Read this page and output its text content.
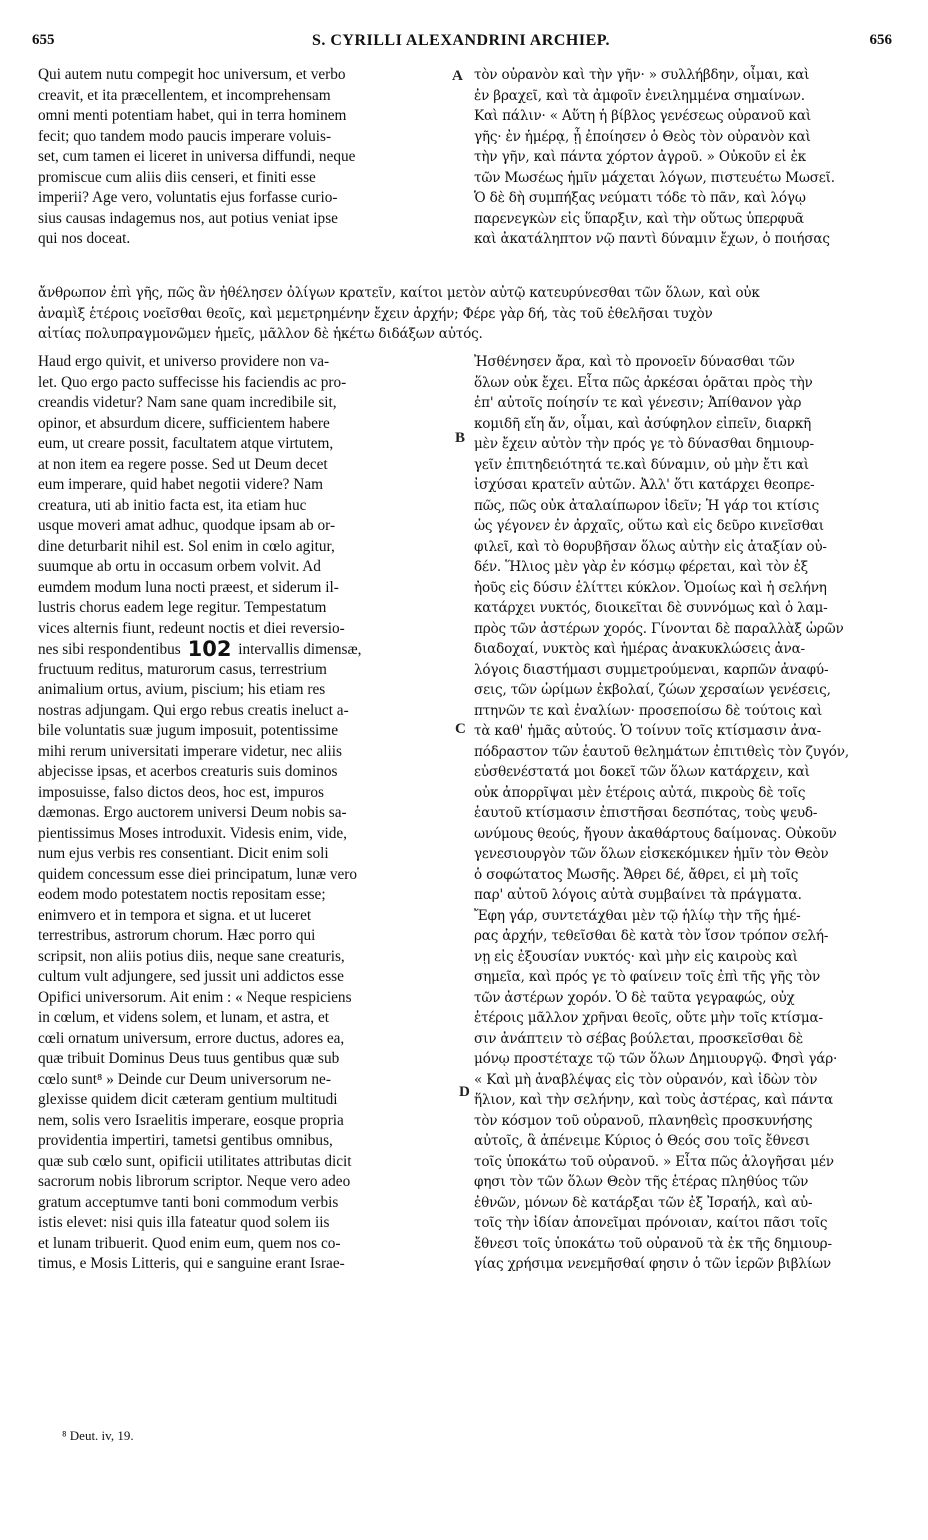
655	S. CYRILLI ALEXANDRINI ARCHIEP.	656
Qui autem nutu compegit hoc universum, et verbo
creavit, et ita præcellentem, et incomprehensam
omni menti potentiam habet, qui in terra hominem
fecit; quo tandem modo paucis imperare voluis-
set, cum tamen ei liceret in universa diffundi, neque
promiscue cum aliis diis censeri, et finiti esse
imperii? Age vero, voluntatis ejus forfasse curio-
sius causas indagemus nos, aut potius veniat ipse
qui nos doceat.
τὸν οὐρανὸν καὶ τὴν γῆν· » συλλήβδην, οἶμαι, καὶ
ἐν βραχεῖ, καὶ τὰ ἀμφοῖν ἐνειλημμένα σημαίνων.
Καὶ πάλιν· « Αὕτη ἡ βίβλος γενέσεως οὐρανοῦ καὶ
γῆς· ἐν ἡμέρᾳ, ᾗ ἐποίησεν ὁ Θεὸς τὸν οὐρανὸν καὶ
τὴν γῆν, καὶ πάντα χόρτον ἀγροῦ. » Οὐκοῦν εἰ ἐκ
τῶν Μωσέως ἡμῖν μάχεται λόγων, πιστευέτω Μωσεῖ.
Ὁ δὲ δὴ συμπήξας νεύματι τόδε τὸ πᾶν, καὶ λόγῳ
παρενεγκὼν εἰς ὕπαρξιν, καὶ τὴν οὕτως ὑπερφυᾶ
καὶ ἀκατάληπτον νῷ παντὶ δύναμιν ἔχων, ὁ ποιήσας
ἄνθρωπον ἐπὶ γῆς, πῶς ἂν ἠθέλησεν ὀλίγων κρατεῖν, καίτοι μετὸν αὐτῷ κατευρύνεσθαι τῶν ὅλων, καὶ οὐκ
ἀναμὶξ ἑτέροις νοεῖσθαι θεοῖς, καὶ μεμετρημένην ἔχειν ἀρχήν; Φέρε γὰρ δή, τὰς τοῦ ἐθελῆσαι τυχὸν
αἰτίας πολυπραγμονῶμεν ἡμεῖς, μᾶλλον δὲ ἡκέτω διδάξων αὐτός.
Haud ergo quivit, et universo providere non va-
let. Quo ergo pacto suffecisse his faciendis ac pro-
creandis videtur? Nam sane quam incredibile sit,
opinor, et absurdum dicere, sufficientem habere
eum, ut creare possit, facultatem atque virtutem,
at non item ea regere posse. Sed ut Deum decet
eum imperare, quid habet negotii videre? Nam
creatura, uti ab initio facta est, ita etiam huc
usque moveri amat adhuc, quodque ipsam ab or-
dine deturbarit nihil est. Sol enim in cœlo agitur,
suumque ab ortu in occasum orbem volvit. Ad
eumdem modum luna nocti præest, et siderum il-
lustris chorus eadem lege regitur. Tempestatum
vices alternis fiunt, redeunt noctis et diei reversio-
nes sibi respondentibus 102 intervallis dimensæ,
fructuum reditus, maturorum casus, terrestrium
animalium ortus, avium, piscium; his etiam res
nostras adjungam. Qui ergo rebus creatis ineluct a-
bile voluntatis suæ jugum imposuit, potentissime
mihi rerum universitati imperare videtur, nec aliis
abjecisse ipsas, et acerbos creaturis suis dominos
imposuisse, falso dictos deos, hoc est, impuros
dæmonas. Ergo auctorem universi Deum nobis sa-
pientissimus Moses introduxit. Videsis enim, vide,
num ejus verbis res consentiant. Dicit enim soli
quidem concessum esse diei principatum, lunæ vero
eodem modo potestatem noctis repositam esse;
enimvero et in tempora et signa. et ut luceret
terrestribus, astrorum chorum. Hæc porro qui
scripsit, non aliis potius diis, neque sane creaturis,
cultum vult adjungere, sed jussit uni addictos esse
Opifici universorum. Ait enim : « Neque respiciens
in cœlum, et videns solem, et lunam, et astra, et
cœli ornatum universum, errore ductus, adores ea,
quæ tribuit Dominus Deus tuus gentibus quæ sub
cœlo sunt⁸ » Deinde cur Deum universorum ne-
glexisse quidem dicit cæteram gentium multitudi
nem, solis vero Israelitis imperare, eosque propria
providentia impertiri, tametsi gentibus omnibus,
quæ sub cœlo sunt, opificii utilitates attributas dicit
sacrorum nobis librorum scriptor. Neque vero adeo
gratum acceptumve tanti boni commodum verbis
istis elevet: nisi quis illa fateatur quod solem iis
et lunam tribuerit. Quod enim eum, quem nos co-
timus, e Mosis Litteris, qui e sanguine erant Israe-
Ἠσθένησεν ἄρα, καὶ τὸ προνοεῖν δύνασθαι τῶν
ὅλων οὐκ ἔχει. Εἶτα πῶς ἀρκέσαι ὁρᾶται πρὸς τὴν
ἐπ' αὐτοῖς ποίησίν τε καὶ γένεσιν; Ἀπίθανον γὰρ
κομιδῆ εἴη ἄν, οἶμαι, καὶ ἀσύφηλον εἰπεῖν, διαρκῆ
μὲν ἔχειν αὐτὸν τὴν πρός γε τὸ δύνασθαι δημιουρ-
γεῖν ἐπιτηδειότητά τε.καὶ δύναμιν, οὐ μὴν ἔτι καὶ
ἰσχύσαι κρατεῖν αὐτῶν. Ἀλλ' ὅτι κατάρχει θεοπρε-
πῶς, πῶς οὐκ ἀταλαίπωρον ἰδεῖν; Ἡ γάρ τοι κτίσις
ὡς γέγονεν ἐν ἀρχαῖς, οὕτω καὶ εἰς δεῦρο κινεῖσθαι
φιλεῖ, καὶ τὸ θορυβῆσαν ὅλως αὐτὴν εἰς ἀταξίαν οὐ-
δέν. Ἥλιος μὲν γὰρ ἐν κόσμῳ φέρεται, καὶ τὸν ἐξ
ἠοῦς εἰς δύσιν ἑλίττει κύκλον. Ὁμοίως καὶ ἡ σελήνη
κατάρχει νυκτός, διοικεῖται δὲ συννόμως καὶ ὁ λαμ-
πρὸς τῶν ἀστέρων χορός. Γίνονται δὲ παραλλὰξ ὡρῶν
διαδοχαί, νυκτὸς καὶ ἡμέρας ἀνακυκλώσεις ἀνα-
λόγοις διαστήμασι συμμετρούμεναι, καρπῶν ἀναφύ-
σεις, τῶν ὡρίμων ἐκβολαί, ζώων χερσαίων γενέσεις,
πτηνῶν τε καὶ ἐναλίων· προσεποίσω δὲ τούτοις καὶ
τὰ καθ' ἡμᾶς αὐτούς. Ὁ τοίνυν τοῖς κτίσμασιν ἀνα-
πόδραστον τῶν ἑαυτοῦ θελημάτων ἐπιτιθεὶς τὸν ζυγόν,
εὐσθενέστατά μοι δοκεῖ τῶν ὅλων κατάρχειν, καὶ
οὐκ ἀπορρῖψαι μὲν ἑτέροις αὐτά, πικροὺς δὲ τοῖς
ἑαυτοῦ κτίσμασιν ἐπιστῆσαι δεσπότας, τοὺς ψευδ-
ωνύμους θεούς, ἤγουν ἀκαθάρτους δαίμονας. Οὐκοῦν
γενεσιουργὸν τῶν ὅλων εἰσκεκόμικεν ἡμῖν τὸν Θεὸν
ὁ σοφώτατος Μωσῆς. Ἄθρει δέ, ἄθρει, εἰ μὴ τοῖς
παρ' αὐτοῦ λόγοις αὐτὰ συμβαίνει τὰ πράγματα.
Ἔφη γάρ, συντετάχθαι μὲν τῷ ἡλίῳ τὴν τῆς ἡμέ-
ρας ἀρχήν, τεθεῖσθαι δὲ κατὰ τὸν ἴσον τρόπον σελή-
νῃ εἰς ἐξουσίαν νυκτός· καὶ μὴν εἰς καιροὺς καὶ
σημεῖα, καὶ πρός γε τὸ φαίνειν τοῖς ἐπὶ τῆς γῆς τὸν
τῶν ἀστέρων χορόν. Ὁ δὲ ταῦτα γεγραφώς, οὐχ
ἑτέροις μᾶλλον χρῆναι θεοῖς, οὔτε μὴν τοῖς κτίσμα-
σιν ἀνάπτειν τὸ σέβας βούλεται, προσκεῖσθαι δὲ
μόνῳ προστέταχε τῷ τῶν ὅλων Δημιουργῷ. Φησὶ γάρ·
« Καὶ μὴ ἀναβλέψας εἰς τὸν οὐρανόν, καὶ ἰδὼν τὸν
ἥλιον, καὶ τὴν σελήνην, καὶ τοὺς ἀστέρας, καὶ πάντα
τὸν κόσμον τοῦ οὐρανοῦ, πλανηθεὶς προσκυνήσης
αὐτοῖς, ἃ ἀπένειμε Κύριος ὁ Θεός σου τοῖς ἔθνεσι
τοῖς ὑποκάτω τοῦ οὐρανοῦ. » Εἶτα πῶς ἀλογῆσαι μέν
φησι τὸν τῶν ὅλων Θεὸν τῆς ἑτέρας πληθύος τῶν
ἐθνῶν, μόνων δὲ κατάρξαι τῶν ἐξ Ἰσραήλ, καὶ αὐ-
τοῖς τὴν ἰδίαν ἀπονεῖμαι πρόνοιαν, καίτοι πᾶσι τοῖς
ἔθνεσι τοῖς ὑποκάτω τοῦ οὐρανοῦ τὰ ἐκ τῆς δημιουρ-
γίας χρήσιμα νενεμῆσθαί φησιν ὁ τῶν ἱερῶν βιβλίων
A
B
C
D
⁸ Deut. iv, 19.
